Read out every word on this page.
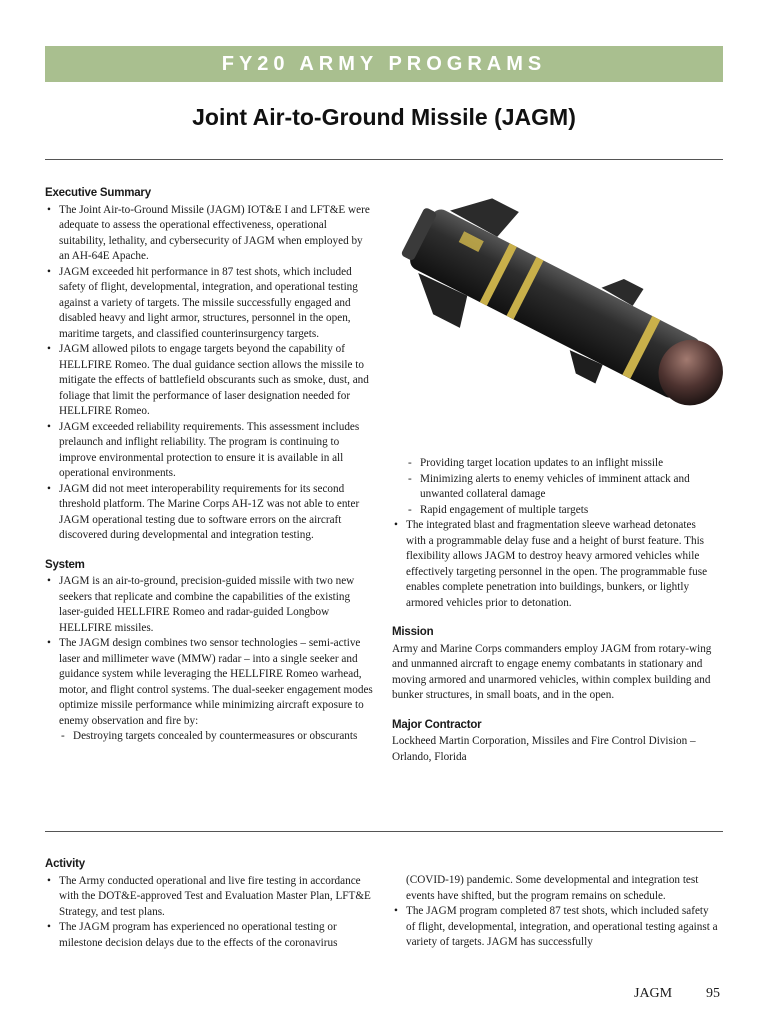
FY20 ARMY PROGRAMS
Joint Air-to-Ground Missile (JAGM)
Executive Summary
• The Joint Air-to-Ground Missile (JAGM) IOT&E I and LFT&E were adequate to assess the operational effectiveness, operational suitability, lethality, and cybersecurity of JAGM when employed by an AH-64E Apache.
• JAGM exceeded hit performance in 87 test shots, which included safety of flight, developmental, integration, and operational testing against a variety of targets. The missile successfully engaged and disabled heavy and light armor, structures, personnel in the open, maritime targets, and classified counterinsurgency targets.
• JAGM allowed pilots to engage targets beyond the capability of HELLFIRE Romeo. The dual guidance section allows the missile to mitigate the effects of battlefield obscurants such as smoke, dust, and foliage that limit the performance of laser designation needed for HELLFIRE Romeo.
• JAGM exceeded reliability requirements. This assessment includes prelaunch and inflight reliability. The program is continuing to improve environmental protection to ensure it is available in all operational environments.
• JAGM did not meet interoperability requirements for its second threshold platform. The Marine Corps AH-1Z was not able to enter JAGM operational testing due to software errors on the aircraft discovered during developmental and integration testing.
System
• JAGM is an air-to-ground, precision-guided missile with two new seekers that replicate and combine the capabilities of the existing laser-guided HELLFIRE Romeo and radar-guided Longbow HELLFIRE missiles.
• The JAGM design combines two sensor technologies – semi-active laser and millimeter wave (MMW) radar – into a single seeker and guidance system while leveraging the HELLFIRE Romeo warhead, motor, and flight control systems. The dual-seeker engagement modes optimize missile performance while minimizing aircraft exposure to enemy observation and fire by:
- Destroying targets concealed by countermeasures or obscurants
- Providing target location updates to an inflight missile
- Minimizing alerts to enemy vehicles of imminent attack and unwanted collateral damage
- Rapid engagement of multiple targets
• The integrated blast and fragmentation sleeve warhead detonates with a programmable delay fuse and a height of burst feature. This flexibility allows JAGM to destroy heavy armored vehicles while effectively targeting personnel in the open. The programmable fuse enables complete penetration into buildings, bunkers, or lightly armored vehicles prior to detonation.
Mission

Army and Marine Corps commanders employ JAGM from rotary-wing and unmanned aircraft to engage enemy combatants in stationary and moving armored and unarmored vehicles, within complex building and bunker structures, in small boats, and in the open.

Major Contractor

Lockheed Martin Corporation, Missiles and Fire Control Division – Orlando, Florida

Activity
• The Army conducted operational and live fire testing in accordance with the DOT&E-approved Test and Evaluation Master Plan, LFT&E Strategy, and test plans.
• The JAGM program has experienced no operational testing or milestone decision delays due to the effects of the coronavirus

(COVID-19) pandemic. Some developmental and integration test events have shifted, but the program remains on schedule.

• The JAGM program completed 87 test shots, which included safety of flight, developmental, integration, and operational testing against a variety of targets. JAGM has successfully
JAGM 95
